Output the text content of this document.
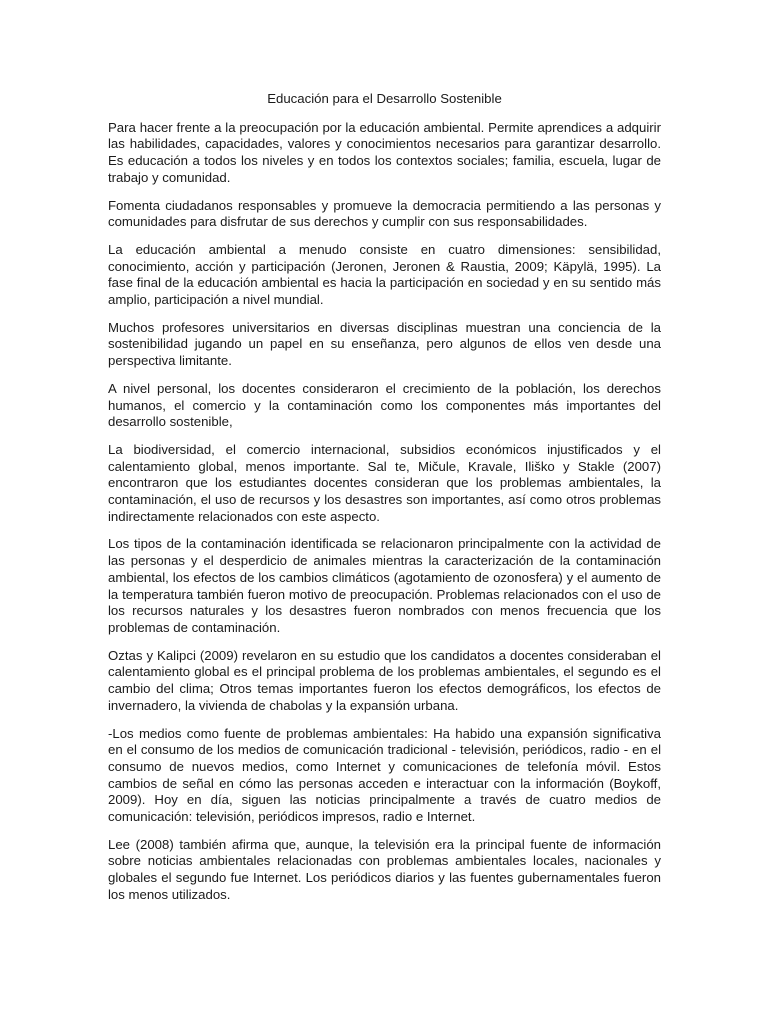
Educación para el Desarrollo Sostenible

Para hacer frente a la preocupación por la educación ambiental. Permite aprendices a adquirir las habilidades, capacidades, valores y conocimientos necesarios para garantizar desarrollo. Es educación a todos los niveles y en todos los contextos sociales; familia, escuela, lugar de trabajo y comunidad.

Fomenta ciudadanos responsables y promueve la democracia permitiendo a las personas y comunidades para disfrutar de sus derechos y cumplir con sus responsabilidades.

La educación ambiental a menudo consiste en cuatro dimensiones: sensibilidad, conocimiento, acción y participación (Jeronen, Jeronen & Raustia, 2009; Käpylä, 1995). La fase final de la educación ambiental es hacia la participación en sociedad y en su sentido más amplio, participación a nivel mundial.

Muchos profesores universitarios en diversas disciplinas muestran una conciencia de la sostenibilidad jugando un papel en su enseñanza, pero algunos de ellos ven desde una perspectiva limitante.

A nivel personal, los docentes consideraron el crecimiento de la población, los derechos humanos, el comercio y la contaminación como los componentes más importantes del desarrollo sostenible,

La biodiversidad, el comercio internacional, subsidios económicos injustificados y el calentamiento global, menos importante. Sal te, Mičule, Kravale, Iliško y Stakle (2007) encontraron que los estudiantes docentes consideran que los problemas ambientales, la contaminación, el uso de recursos y los desastres son importantes, así como otros problemas indirectamente relacionados con este aspecto.

Los tipos de la contaminación identificada se relacionaron principalmente con la actividad de las personas y el desperdicio de animales mientras la caracterización de la contaminación ambiental, los efectos de los cambios climáticos (agotamiento de ozonosfera) y el aumento de la temperatura también fueron motivo de preocupación. Problemas relacionados con el uso de los recursos naturales y los desastres fueron nombrados con menos frecuencia que los problemas de contaminación.

Oztas y Kalipci (2009) revelaron en su estudio que los candidatos a docentes consideraban el calentamiento global es el principal problema de los problemas ambientales, el segundo es el cambio del clima; Otros temas importantes fueron los efectos demográficos, los efectos de invernadero, la vivienda de chabolas y la expansión urbana.

-Los medios como fuente de problemas ambientales: Ha habido una expansión significativa en el consumo de los medios de comunicación tradicional - televisión, periódicos, radio - en el consumo de nuevos medios, como Internet y comunicaciones de telefonía móvil. Estos cambios de señal en cómo las personas acceden e interactuar con la información (Boykoff, 2009). Hoy en día, siguen las noticias principalmente a través de cuatro medios de comunicación: televisión, periódicos impresos, radio e Internet.

Lee (2008) también afirma que, aunque, la televisión era la principal fuente de información sobre noticias ambientales relacionadas con problemas ambientales locales, nacionales y globales el segundo fue Internet. Los periódicos diarios y las fuentes gubernamentales fueron los menos utilizados.
